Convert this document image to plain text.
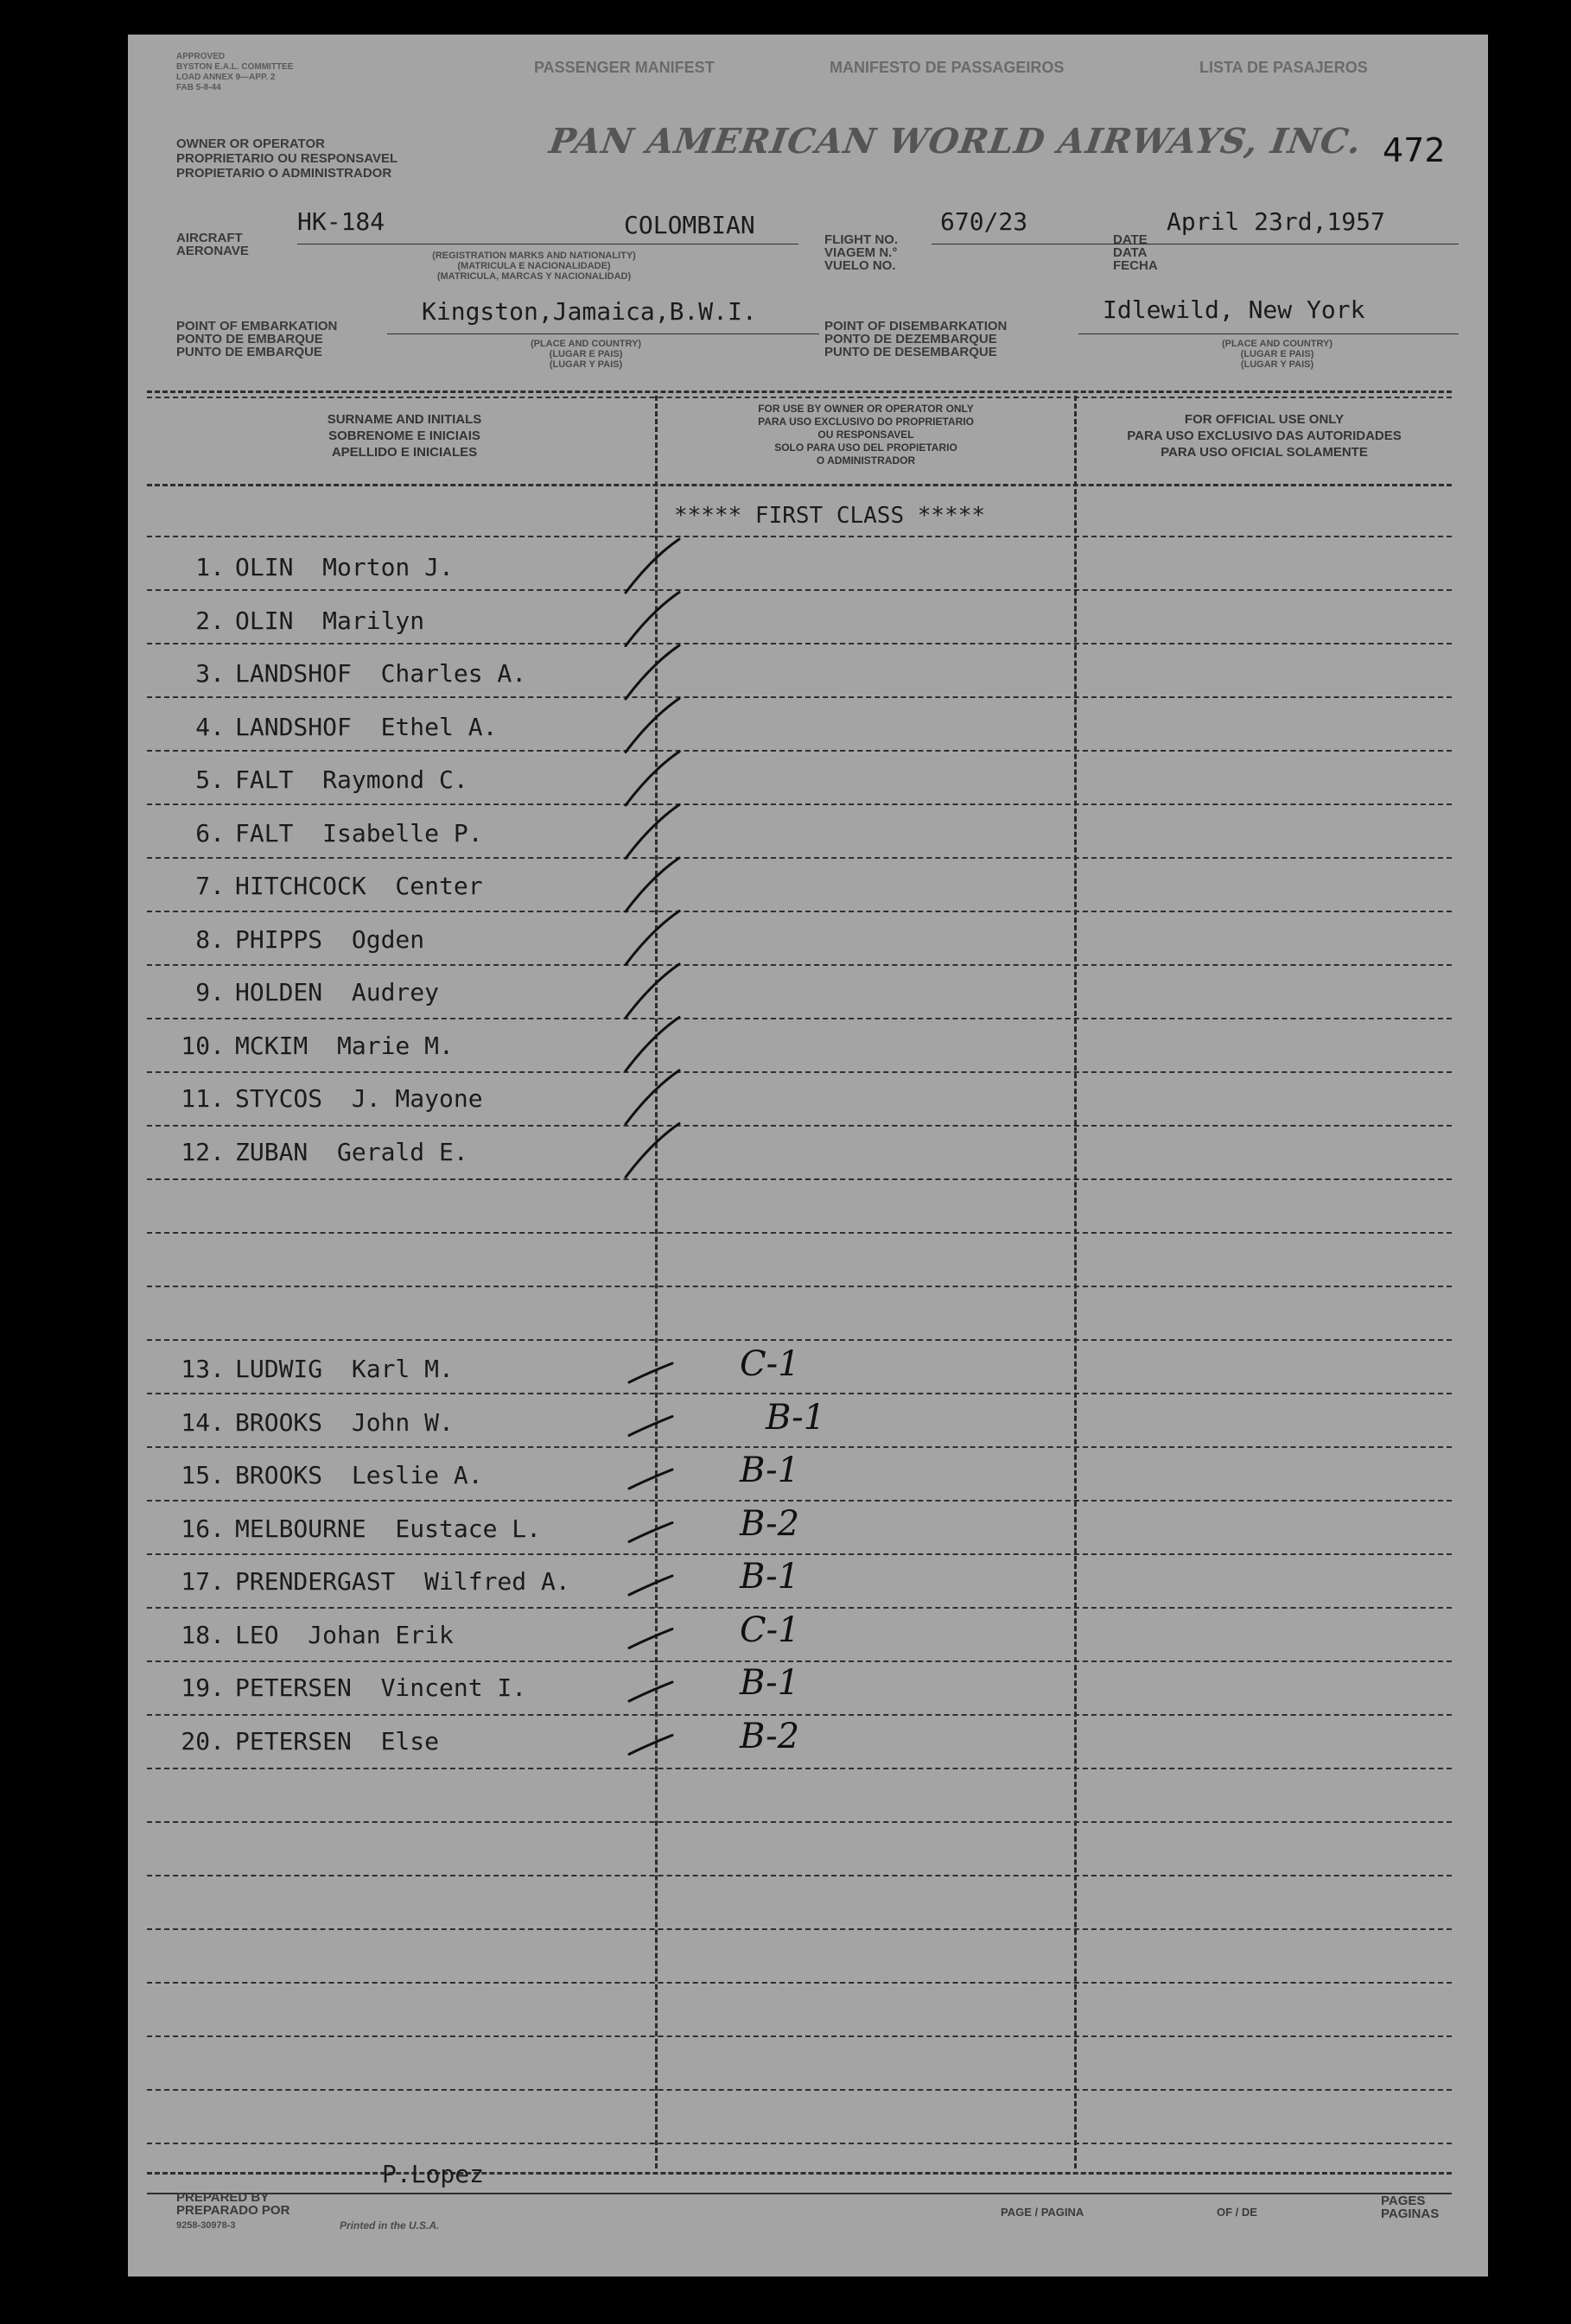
APPROVED
BYSTON E.A.L. COMMITTEE
LOAD ANNEX 9---APP. 2
FAB 5-8-44
PASSENGER MANIFEST	MANIFESTO DE PASSAGEIROS	LISTA DE PASAJEROS
OWNER OR OPERATOR
PROPRIETARIO OU RESPONSAVEL
PROPIETARIO O ADMINISTRADOR
PAN AMERICAN WORLD AIRWAYS, INC. 472
AIRCRAFT
AERONAVE
HK-184	COLOMBIAN
(REGISTRATION MARKS AND NATIONALITY)
(MATRICULA E NACIONALIDADE)
(MATRICULA, MARCAS Y NACIONALIDAD)
FLIGHT NO.
VIAGEM N.°
VUELO NO.
670/23
DATE
DATA
FECHA
April 23rd,1957
POINT OF EMBARKATION
PONTO DE EMBARQUE
PUNTO DE EMBARQUE
Kingston,Jamaica,B.W.I.
(PLACE AND COUNTRY)
(LUGAR E PAIS)
(LUGAR Y PAIS)
POINT OF DISEMBARKATION
PONTO DE DEZEMBARQUE
PUNTO DE DESEMBARQUE
Idlewild, New York
(PLACE AND COUNTRY)
(LUGAR E PAIS)
(LUGAR Y PAIS)
SURNAME AND INITIALS
SOBRENOME E INICIAIS
APELLIDO E INICIALES
FOR USE BY OWNER OR OPERATOR ONLY
PARA USO EXCLUSIVO DO PROPRIETARIO
OU RESPONSAVEL
SOLO PARA USO DEL PROPIETARIO
O ADMINISTRADOR
FOR OFFICIAL USE ONLY
PARA USO EXCLUSIVO DAS AUTORIDADES
PARA USO OFICIAL SOLAMENTE
***** FIRST CLASS *****
1. OLIN  Morton J.
2. OLIN  Marilyn
3. LANDSHOF  Charles A.
4. LANDSHOF  Ethel A.
5. FALT  Raymond C.
6. FALT  Isabelle P.
7. HITCHCOCK  Center
8. PHIPPS  Ogden
9. HOLDEN  Audrey
10. MCKIM  Marie M.
11. STYCOS  J. Mayone
12. ZUBAN  Gerald E.
13. LUDWIG  Karl M.	C-1
14. BROOKS  John W.	B-1
15. BROOKS  Leslie A.	B-1
16. MELBOURNE  Eustace L.	B-2
17. PRENDERGAST  Wilfred A.	B-1
18. LEO  Johan Erik	C-1
19. PETERSEN  Vincent I.	B-1
20. PETERSEN  Else	B-2
PREPARED BY
PREPARADO POR
P.Lopez
9258-30978-3	Printed in the U.S.A.
PAGE / PAGINA	OF / DE
PAGES
PAGINAS
